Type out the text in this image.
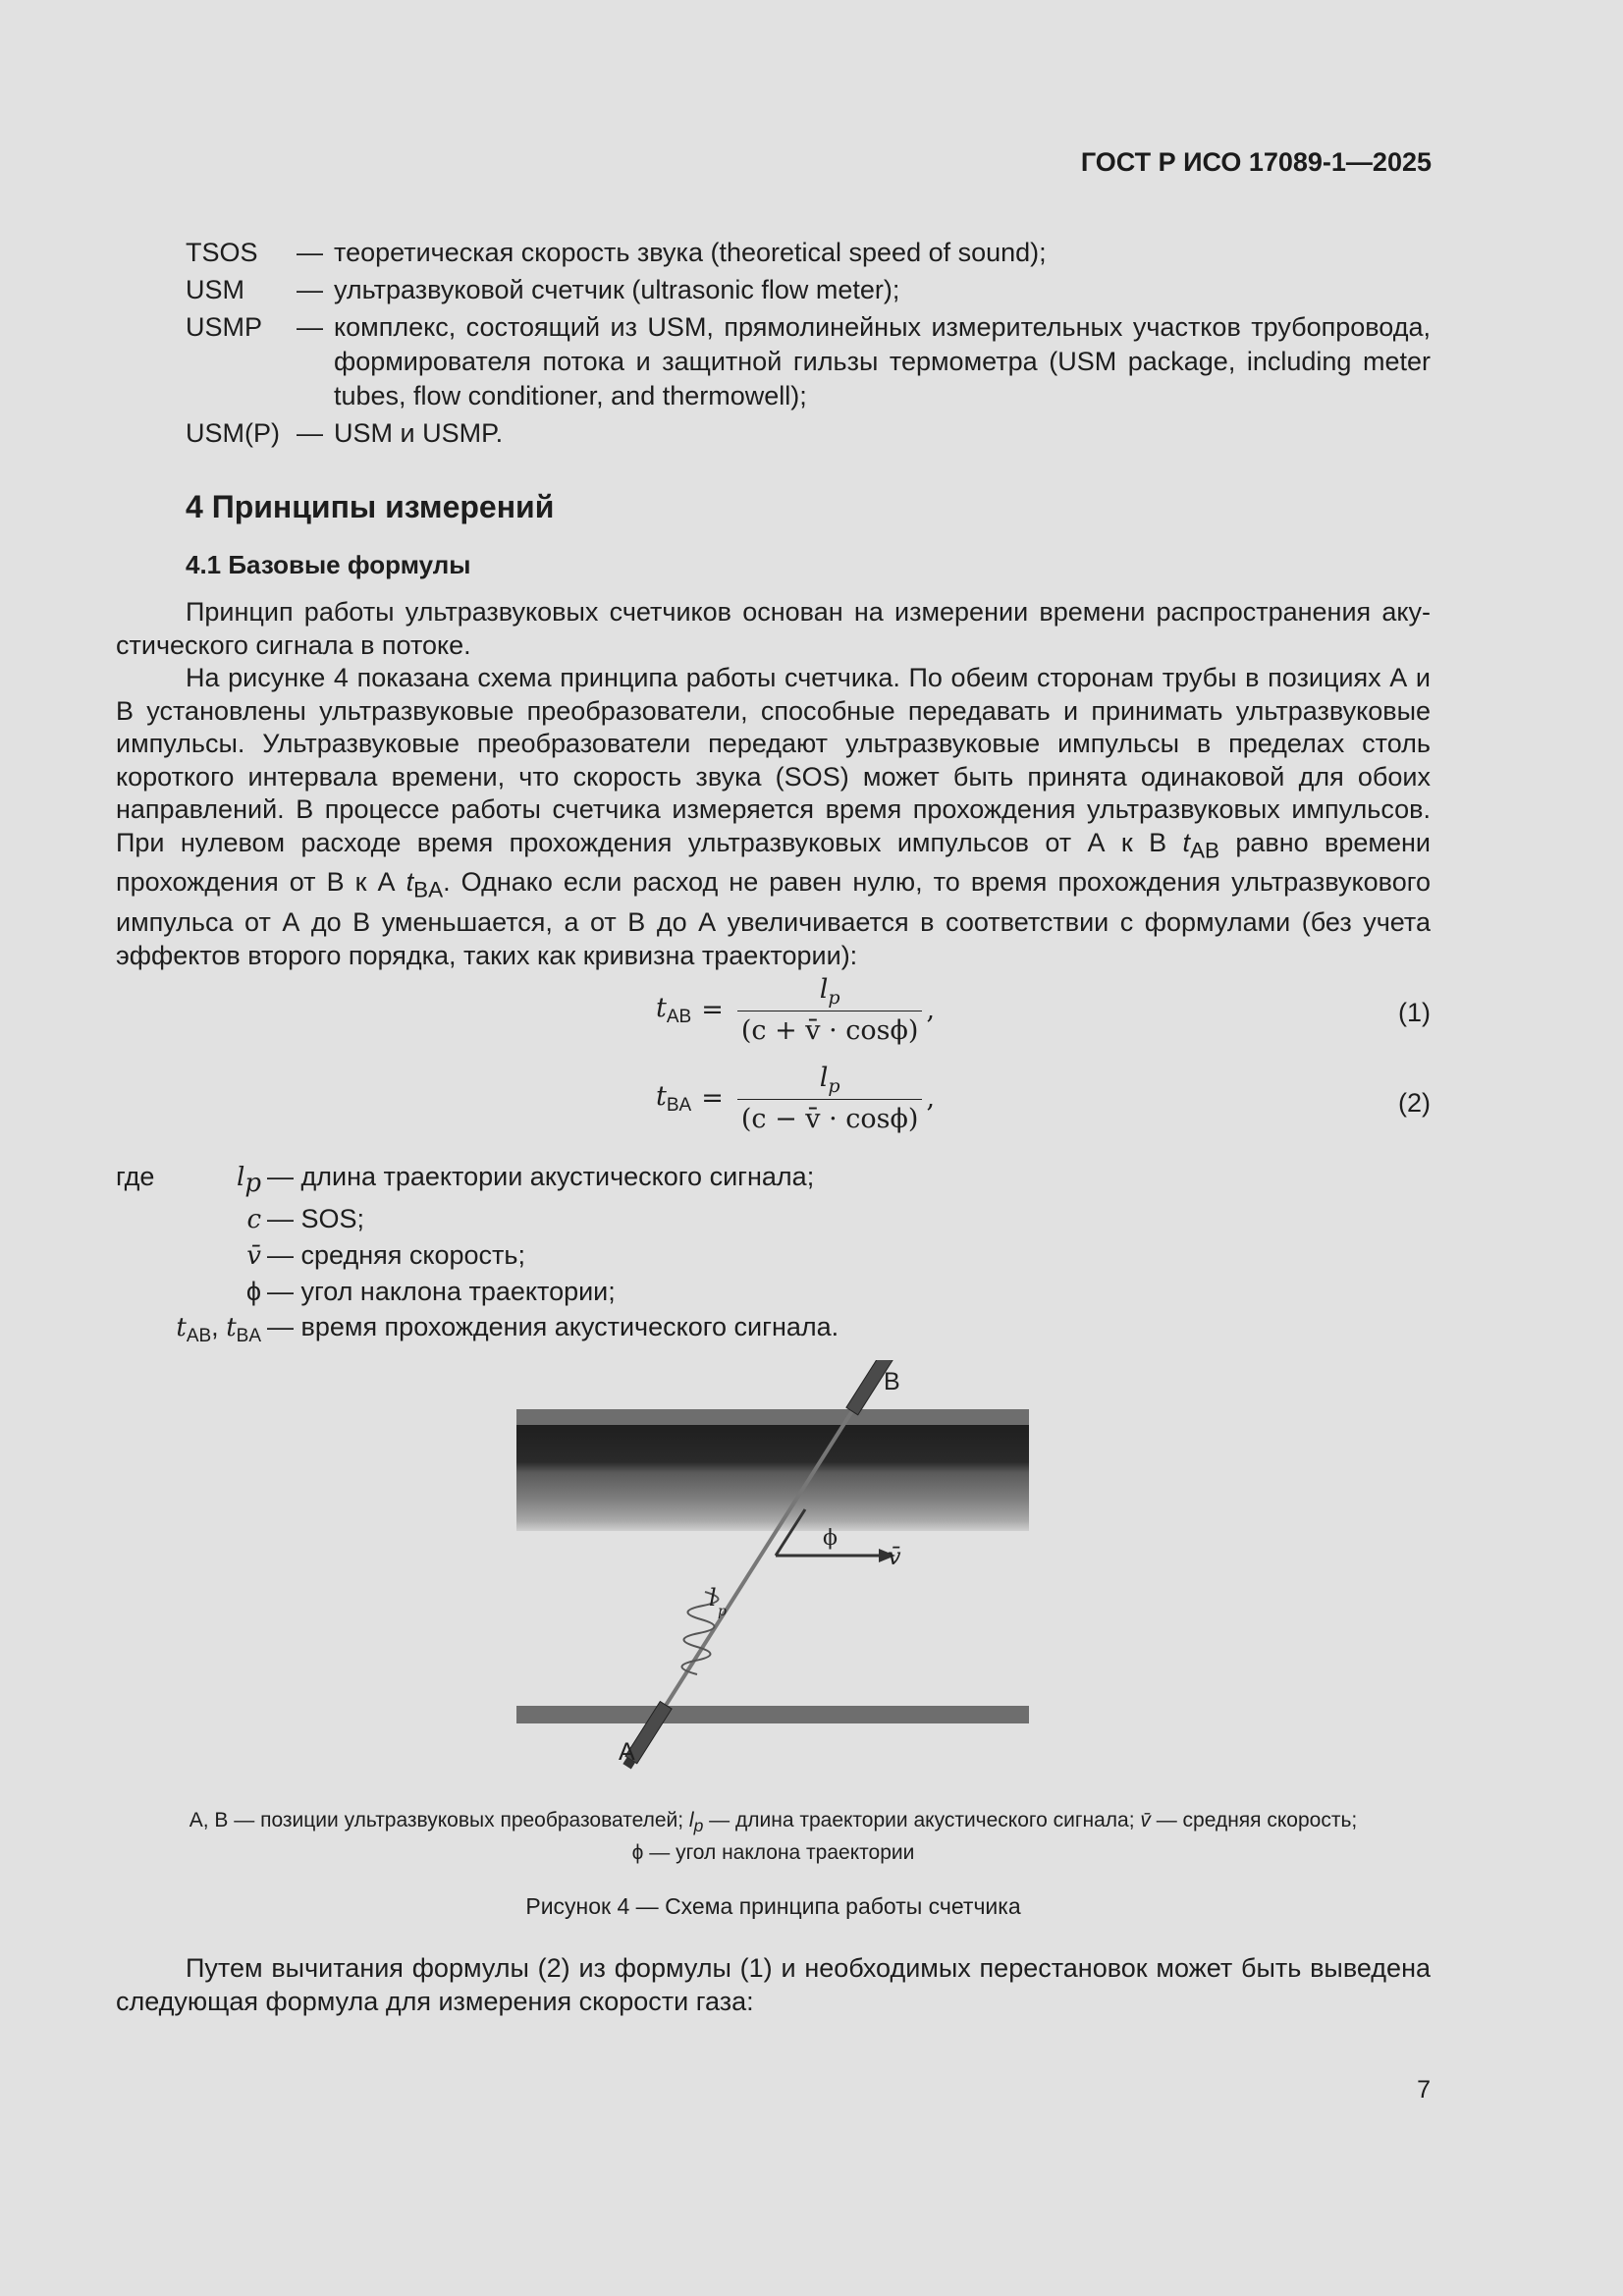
ГОСТ Р ИСО 17089-1—2025
TSOS	— теоретическая скорость звука (theoretical speed of sound);
USM	— ультразвуковой счетчик (ultrasonic flow meter);
USMP	— комплекс, состоящий из USM, прямолинейных измерительных участков трубопровода, формирователя потока и защитной гильзы термометра (USM package, including meter tubes, flow conditioner, and thermowell);
USM(P) — USM и USMP.
4 Принципы измерений
4.1 Базовые формулы

Принцип работы ультразвуковых счетчиков основан на измерении времени распространения акустического сигнала в потоке.

На рисунке 4 показана схема принципа работы счетчика. По обеим сторонам трубы в позициях А и В установлены ультразвуковые преобразователи, способные передавать и принимать ультразвуковые импульсы. Ультразвуковые преобразователи передают ультразвуковые импульсы в пределах столь короткого интервала времени, что скорость звука (SOS) может быть принята одинаковой для обоих направлений. В процессе работы счетчика измеряется время прохождения ультразвуковых импульсов. При нулевом расходе время прохождения ультразвуковых импульсов от А к В $t_{AB}$ равно времени прохождения от В к А $t_{BA}$. Однако если расход не равен нулю, то время прохождения ультразвукового импульса от А до В уменьшается, а от В до А увеличивается в соответствии с формулами (без учета эффектов второго порядка, таких как кривизна траектории):

$t_{AB} = \frac{l_p}{(c + v̄ \cdot \cos\phi)}$ ,	(1)
$t_{BA} = \frac{l_p}{(c - v̄ \cdot \cos\phi)}$ ,	(2)
где	lp — длина траектории акустического сигнала;
c — SOS;
v̄ — средняя скорость;
ϕ — угол наклона траектории;
$t_{AB}$, $t_{BA}$ — время прохождения акустического сигнала.
ϕ
v̄
l p
B
A
А, В — позиции ультразвуковых преобразователей; $l_p$ — длина траектории акустического сигнала; v̄ — средняя скорость;
ϕ — угол наклона траектории
Рисунок 4 — Схема принципа работы счетчика

Путем вычитания формулы (2) из формулы (1) и необходимых перестановок может быть выведена следующая формула для измерения скорости газа:

7
